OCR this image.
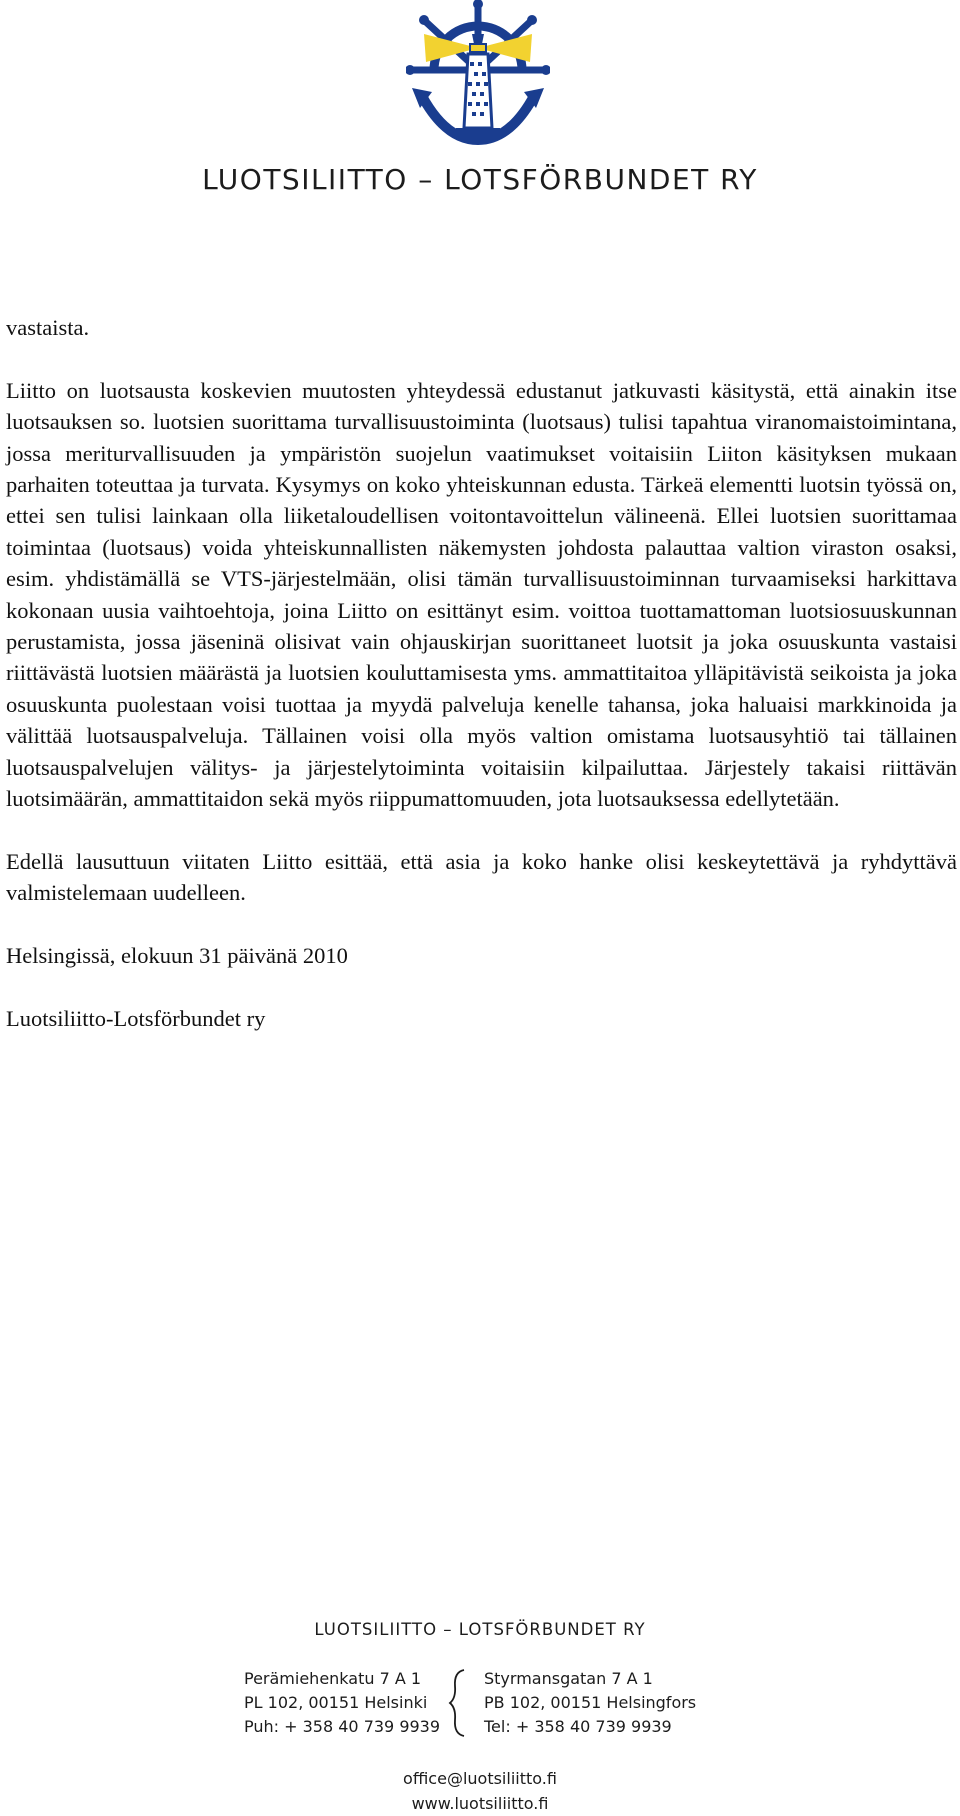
LUOTSILIITTO – LOTSFÖRBUNDET RY

vastaista.

Liitto on luotsausta koskevien muutosten yhteydessä edustanut jatkuvasti käsitystä, että ainakin itse luotsauksen so. luotsien suorittama turvallisuustoiminta (luotsaus) tulisi tapahtua viranomaistoimintana, jossa meriturvallisuuden ja ympäristön suojelun vaatimukset voitaisiin Liiton käsityksen mukaan parhaiten toteuttaa ja turvata. Kysymys on koko yhteiskunnan edusta. Tärkeä elementti luotsin työssä on, ettei sen tulisi lainkaan olla liiketaloudellisen voitontavoittelun välineenä. Ellei luotsien suorittamaa toimintaa (luotsaus) voida yhteiskunnallisten näkemysten johdosta palauttaa valtion viraston osaksi, esim. yhdistämällä se VTS-järjestelmään, olisi tämän turvallisuustoiminnan turvaamiseksi harkittava kokonaan uusia vaihtoehtoja, joina Liitto on esittänyt esim. voittoa tuottamattoman luotsiosuuskunnan perustamista, jossa jäseninä olisivat vain ohjauskirjan suorittaneet luotsit ja joka osuuskunta vastaisi riittävästä luotsien määrästä ja luotsien kouluttamisesta yms. ammattitaitoa ylläpitävistä seikoista ja joka osuuskunta puolestaan voisi tuottaa ja myydä palveluja kenelle tahansa, joka haluaisi markkinoida ja välittää luotsauspalveluja. Tällainen voisi olla myös valtion omistama luotsausyhtiö tai tällainen luotsauspalvelujen välitys- ja järjestelytoiminta voitaisiin kilpailuttaa. Järjestely takaisi riittävän luotsimäärän, ammattitaidon sekä myös riippumattomuuden, jota luotsauksessa edellytetään.

Edellä lausuttuun viitaten Liitto esittää, että asia ja koko hanke olisi keskeytettävä ja ryhdyttävä valmistelemaan uudelleen.

Helsingissä, elokuun 31 päivänä 2010

Luotsiliitto-Lotsförbundet ry

LUOTSILIITTO – LOTSFÖRBUNDET RY
Perämiehenkatu 7 A 1
PL 102, 00151 Helsinki
Puh: + 358 40 739 9939
Styrmansgatan 7 A 1
PB 102, 00151 Helsingfors
Tel: + 358 40 739 9939
office@luotsiliitto.fi
www.luotsiliitto.fi
